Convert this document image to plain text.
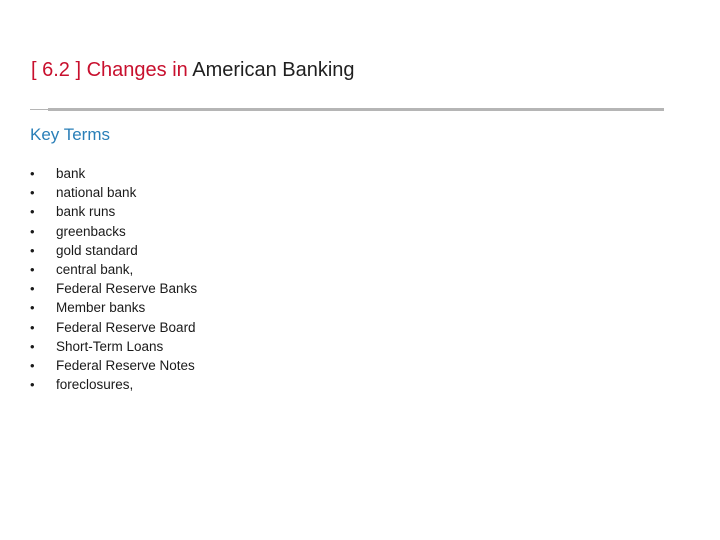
[ 6.2 ] Changes in American Banking
Key Terms
•	bank
•	national bank
•	bank runs
•	greenbacks
•	gold standard
•	central bank,
•	Federal Reserve Banks
•	Member banks
•	Federal Reserve Board
•	Short-Term Loans
•	Federal Reserve Notes
•	foreclosures,
